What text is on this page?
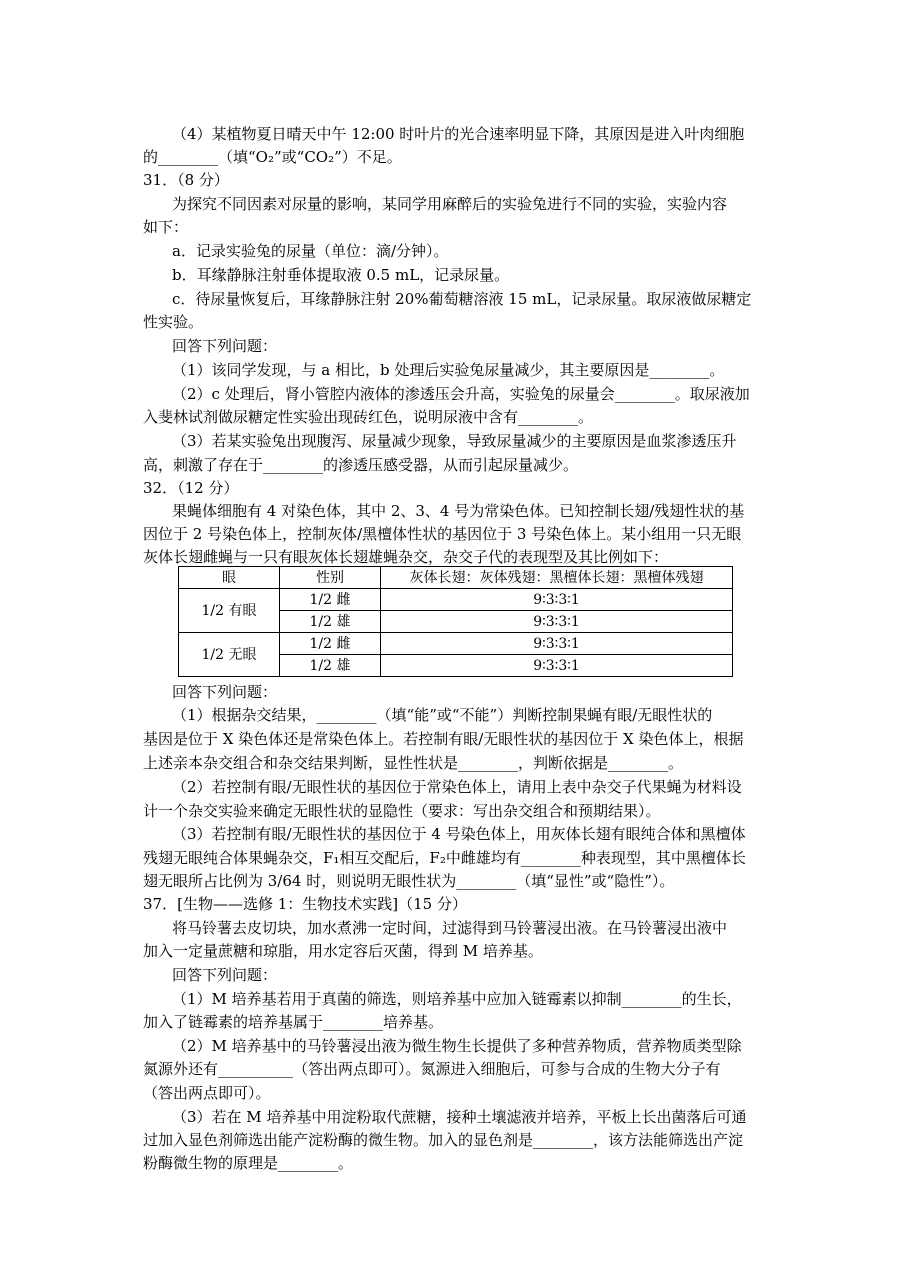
（4）某植物夏日晴天中午 12:00 时叶片的光合速率明显下降，其原因是进入叶肉细胞
的________（填“O₂”或“CO₂”）不足。
31．（8 分）
为探究不同因素对尿量的影响，某同学用麻醉后的实验兔进行不同的实验，实验内容
如下：
a．记录实验兔的尿量（单位：滴/分钟）。
b．耳缘静脉注射垂体提取液 0.5 mL，记录尿量。
c．待尿量恢复后，耳缘静脉注射 20%葡萄糖溶液 15 mL，记录尿量。取尿液做尿糖定
性实验。
回答下列问题：
（1）该同学发现，与 a 相比，b 处理后实验兔尿量减少，其主要原因是________。
（2）c 处理后，肾小管腔内液体的渗透压会升高，实验兔的尿量会________。取尿液加
入斐林试剂做尿糖定性实验出现砖红色，说明尿液中含有________。
（3）若某实验兔出现腹泻、尿量减少现象，导致尿量减少的主要原因是血浆渗透压升
高，刺激了存在于________的渗透压感受器，从而引起尿量减少。
32．（12 分）
果蝇体细胞有 4 对染色体，其中 2、3、4 号为常染色体。已知控制长翅/残翅性状的基
因位于 2 号染色体上，控制灰体/黑檀体性状的基因位于 3 号染色体上。某小组用一只无眼
灰体长翅雌蝇与一只有眼灰体长翅雄蝇杂交，杂交子代的表现型及其比例如下：
回答下列问题：
（1）根据杂交结果，________（填“能”或“不能”）判断控制果蝇有眼/无眼性状的
基因是位于 X 染色体还是常染色体上。若控制有眼/无眼性状的基因位于 X 染色体上，根据
上述亲本杂交组合和杂交结果判断，显性性状是________，判断依据是________。
（2）若控制有眼/无眼性状的基因位于常染色体上，请用上表中杂交子代果蝇为材料设
计一个杂交实验来确定无眼性状的显隐性（要求：写出杂交组合和预期结果）。
（3）若控制有眼/无眼性状的基因位于 4 号染色体上，用灰体长翅有眼纯合体和黑檀体
残翅无眼纯合体果蝇杂交，F₁相互交配后，F₂中雌雄均有________种表现型，其中黑檀体长
翅无眼所占比例为 3/64 时，则说明无眼性状为________（填“显性”或“隐性”）。
37．[生物——选修 1：生物技术实践]（15 分）
将马铃薯去皮切块，加水煮沸一定时间，过滤得到马铃薯浸出液。在马铃薯浸出液中
加入一定量蔗糖和琼脂，用水定容后灭菌，得到 M 培养基。
回答下列问题：
（1）M 培养基若用于真菌的筛选，则培养基中应加入链霉素以抑制________的生长，
加入了链霉素的培养基属于________培养基。
（2）M 培养基中的马铃薯浸出液为微生物生长提供了多种营养物质，营养物质类型除
氮源外还有__________（答出两点即可）。氮源进入细胞后，可参与合成的生物大分子有
（答出两点即可）。
（3）若在 M 培养基中用淀粉取代蔗糖，接种土壤滤液并培养，平板上长出菌落后可通
过加入显色剂筛选出能产淀粉酶的微生物。加入的显色剂是________，该方法能筛选出产淀
粉酶微生物的原理是________。
眼	性别	灰体长翅：灰体残翅：黑檀体长翅：黑檀体残翅
1/2 有眼	1/2 雌	9∶3∶3∶1
	1/2 雄	9∶3∶3∶1
1/2 无眼	1/2 雌	9∶3∶3∶1
	1/2 雄	9∶3∶3∶1
